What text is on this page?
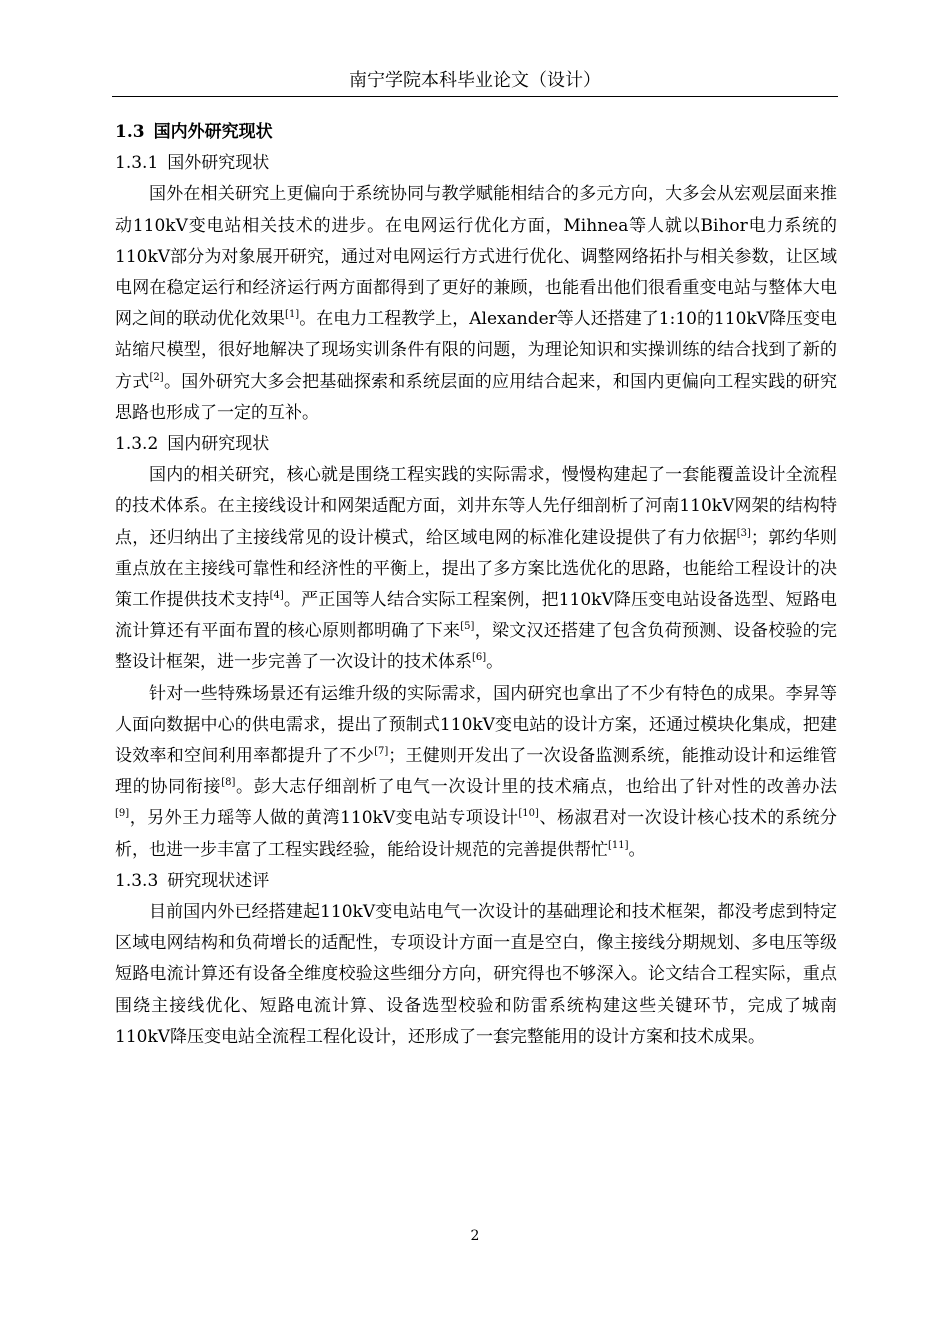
南宁学院本科毕业论文（设计）
1.3 国内外研究现状
1.3.1 国外研究现状

国外在相关研究上更偏向于系统协同与教学赋能相结合的多元方向，大多会从宏观层面来推动110kV变电站相关技术的进步。在电网运行优化方面，Mihnea等人就以Bihor电力系统的110kV部分为对象展开研究，通过对电网运行方式进行优化、调整网络拓扑与相关参数，让区域电网在稳定运行和经济运行两方面都得到了更好的兼顾，也能看出他们很看重变电站与整体大电网之间的联动优化效果[1]。在电力工程教学上，Alexander等人还搭建了1:10的110kV降压变电站缩尺模型，很好地解决了现场实训条件有限的问题，为理论知识和实操训练的结合找到了新的方式[2]。国外研究大多会把基础探索和系统层面的应用结合起来，和国内更偏向工程实践的研究思路也形成了一定的互补。

1.3.2 国内研究现状

国内的相关研究，核心就是围绕工程实践的实际需求，慢慢构建起了一套能覆盖设计全流程的技术体系。在主接线设计和网架适配方面，刘井东等人先仔细剖析了河南110kV网架的结构特点，还归纳出了主接线常见的设计模式，给区域电网的标准化建设提供了有力依据[3]；郭约华则重点放在主接线可靠性和经济性的平衡上，提出了多方案比选优化的思路，也能给工程设计的决策工作提供技术支持[4]。严正国等人结合实际工程案例，把110kV降压变电站设备选型、短路电流计算还有平面布置的核心原则都明确了下来[5]，梁文汉还搭建了包含负荷预测、设备校验的完整设计框架，进一步完善了一次设计的技术体系[6]。

针对一些特殊场景还有运维升级的实际需求，国内研究也拿出了不少有特色的成果。李昇等人面向数据中心的供电需求，提出了预制式110kV变电站的设计方案，还通过模块化集成，把建设效率和空间利用率都提升了不少[7]；王健则开发出了一次设备监测系统，能推动设计和运维管理的协同衔接[8]。彭大志仔细剖析了电气一次设计里的技术痛点，也给出了针对性的改善办法[9]，另外王力瑶等人做的黄湾110kV变电站专项设计[10]、杨淑君对一次设计核心技术的系统分析，也进一步丰富了工程实践经验，能给设计规范的完善提供帮忙[11]。

1.3.3 研究现状述评

目前国内外已经搭建起110kV变电站电气一次设计的基础理论和技术框架，都没考虑到特定区域电网结构和负荷增长的适配性，专项设计方面一直是空白，像主接线分期规划、多电压等级短路电流计算还有设备全维度校验这些细分方向，研究得也不够深入。论文结合工程实际，重点围绕主接线优化、短路电流计算、设备选型校验和防雷系统构建这些关键环节，完成了城南110kV降压变电站全流程工程化设计，还形成了一套完整能用的设计方案和技术成果。

2
